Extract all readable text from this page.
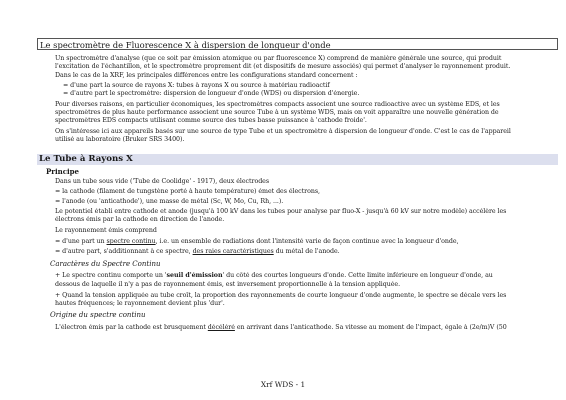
Le spectromètre de Fluorescence X à dispersion de longueur d'onde

Un spectromètre d'analyse (que ce soit par émission atomique ou par fluorescence X) comprend de manière générale une source, qui produit

l'excitation de l'échantillon, et le spectromètre proprement dit (et dispositifs de mesure associés) qui permet d'analyser le rayonnement produit.

Dans le cas de la XRF, les principales différences entre les configurations standard concernent :

= d'une part la source de rayons X: tubes à rayons X ou source à matériau radioactif

= d'autre part le spectromètre: dispersion de longueur d'onde (WDS) ou dispersion d'énergie.

Pour diverses raisons, en particulier économiques, les spectromètres compacts associent une source radioactive avec un système EDS, et les

spectromètres de plus haute performance associent une source Tube à un système WDS, mais on voit apparaître une nouvelle génération de

spectromètres EDS compacts utilisant comme source des tubes basse puissance à 'cathode froide'.

On s'intéresse ici aux appareils basés sur une source de type Tube et un spectromètre à dispersion de longueur d'onde. C'est le cas de l'appareil

utilisé au laboratoire (Bruker SRS 3400).

Le Tube à Rayons X
Principe

Dans un tube sous vide ('Tube de Coolidge' - 1917), deux électrodes

= la cathode (filament de tungstène porté à haute température) émet des électrons,

= l'anode (ou 'anticathode'), une masse de métal (Sc, W, Mo, Cu, Rh, ...).

Le potentiel établi entre cathode et anode (jusqu'à 100 kV dans les tubes pour analyse par fluo-X - jusqu'à 60 kV sur notre modèle) accélère les

électrons émis par la cathode en direction de l'anode.

Le rayonnement émis comprend

= d'une part un spectre continu, i.e. un ensemble de radiations dont l'intensité varie de façon continue avec la longueur d'onde,

= d'autre part, s'additionnant à ce spectre, des raies caractéristiques du métal de l'anode.

Caractères du Spectre Continu

+ Le spectre continu comporte un 'seuil d'émission' du côté des courtes longueurs d'onde. Cette limite inférieure en longueur d'onde, au

dessous de laquelle il n'y a pas de rayonnement émis, est inversement proportionnelle à la tension appliquée.

+ Quand la tension appliquée au tube croît, la proportion des rayonnements de courte longueur d'onde augmente, le spectre se décale vers les

hautes fréquences; le rayonnement devient plus 'dur'.

Origine du spectre continu

L'électron émis par la cathode est brusquement décéléré en arrivant dans l'anticathode. Sa vitesse au moment de l'impact, égale à (2e/m)V (50

Xrf WDS - 1
